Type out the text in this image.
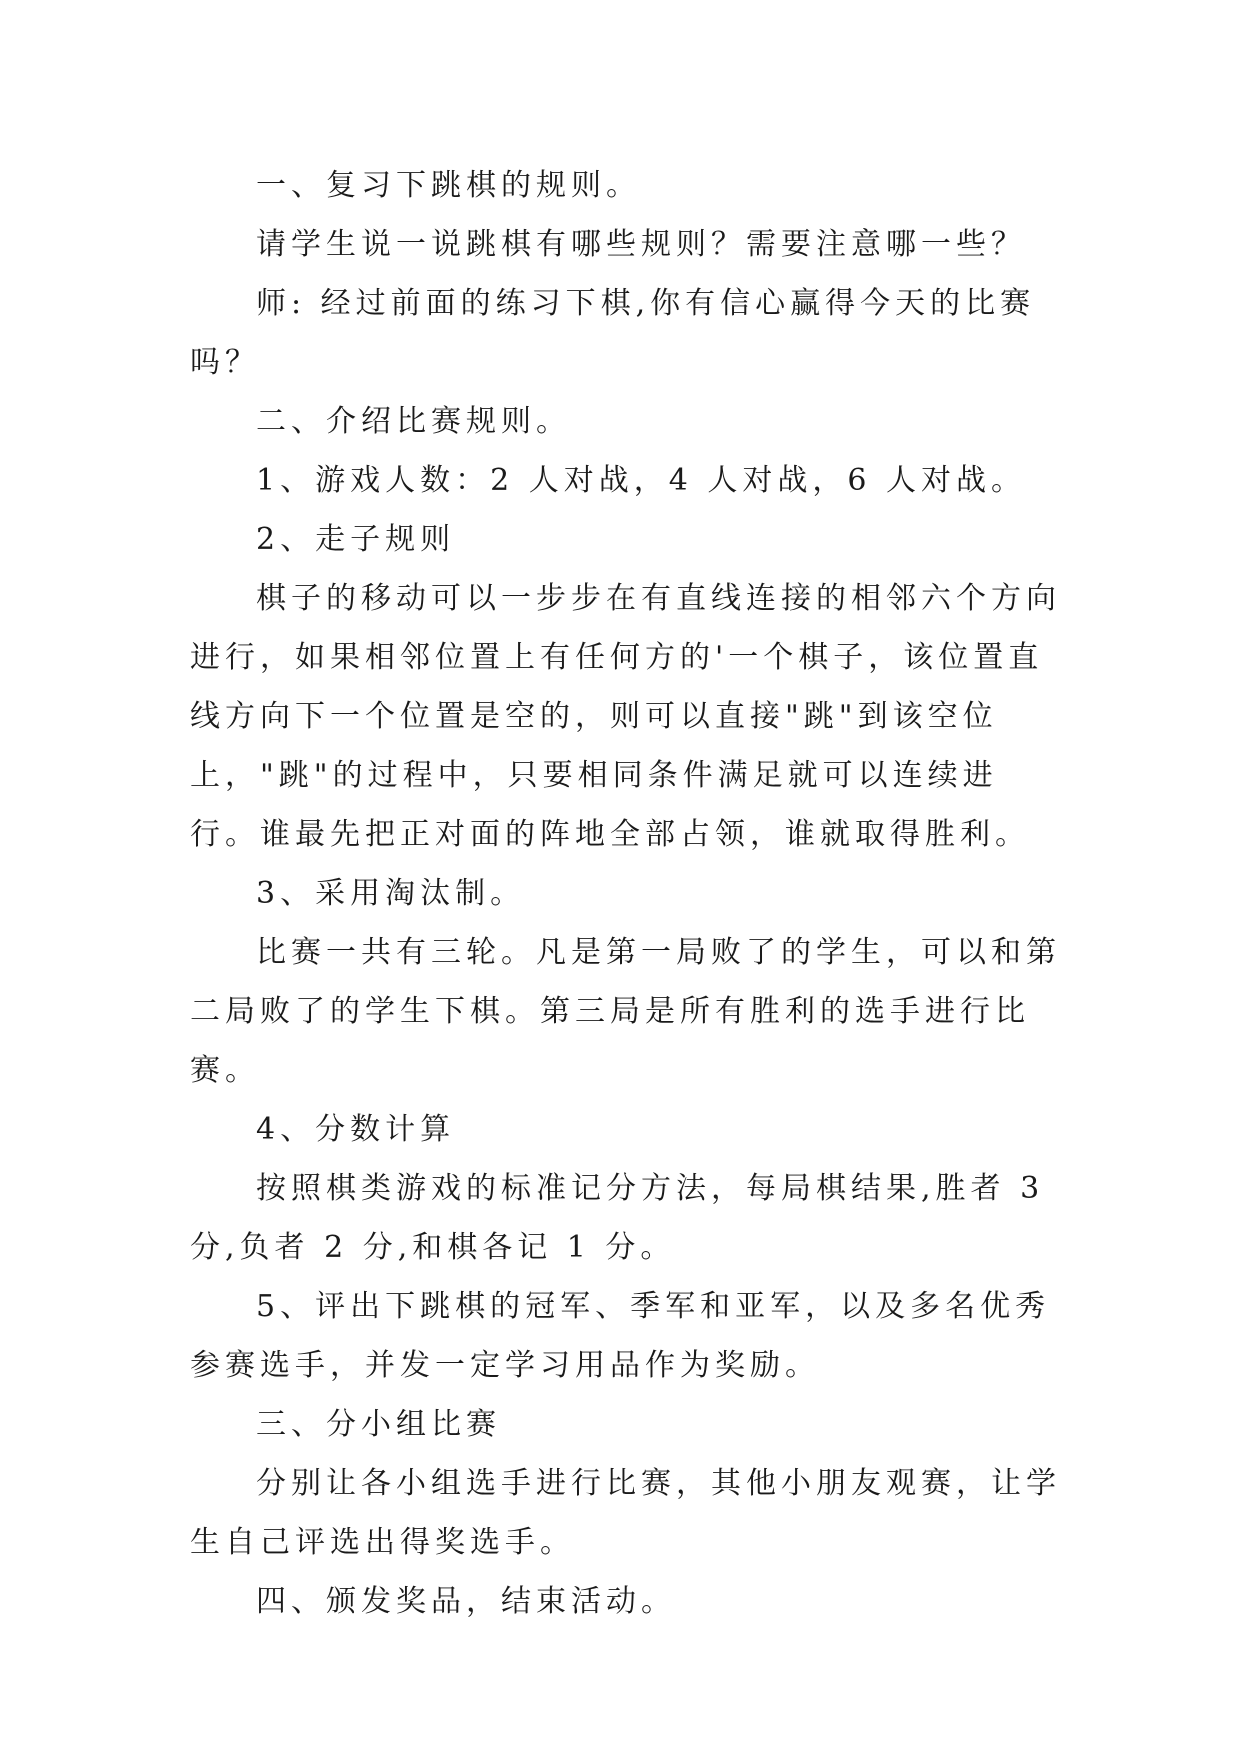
一、复习下跳棋的规则。

请学生说一说跳棋有哪些规则？需要注意哪一些？

师: 经过前面的练习下棋,你有信心赢得今天的比赛吗？

二、介绍比赛规则。

1、游戏人数：2 人对战，4 人对战，6 人对战。

2、走子规则

棋子的移动可以一步步在有直线连接的相邻六个方向进行，如果相邻位置上有任何方的'一个棋子，该位置直线方向下一个位置是空的，则可以直接"跳"到该空位上，"跳"的过程中，只要相同条件满足就可以连续进行。谁最先把正对面的阵地全部占领，谁就取得胜利。

3、采用淘汰制。

比赛一共有三轮。凡是第一局败了的学生，可以和第二局败了的学生下棋。第三局是所有胜利的选手进行比赛。

4、分数计算

按照棋类游戏的标准记分方法，每局棋结果,胜者 3 分,负者 2 分,和棋各记 1 分。

5、评出下跳棋的冠军、季军和亚军，以及多名优秀参赛选手，并发一定学习用品作为奖励。

三、分小组比赛

分别让各小组选手进行比赛，其他小朋友观赛，让学生自己评选出得奖选手。

四、颁发奖品，结束活动。
